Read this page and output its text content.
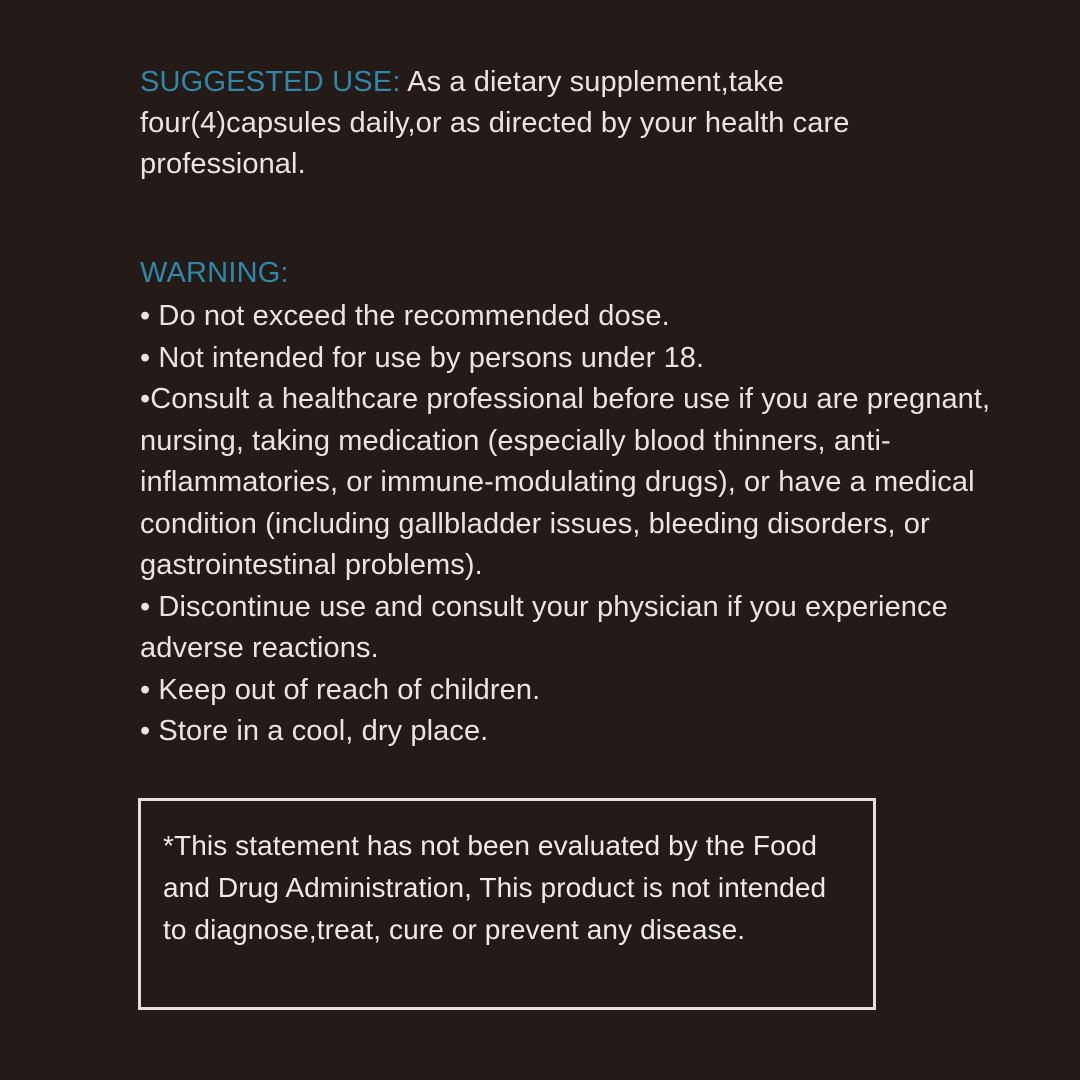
SUGGESTED USE: As a dietary supplement,take four(4)capsules daily,or as directed by your health care professional.

WARNING:

• Do not exceed the recommended dose.
• Not intended for use by persons under 18.
•Consult a healthcare professional before use if you are pregnant, nursing, taking medication (especially blood thinners, anti-inflammatories, or immune-modulating drugs), or have a medical condition (including gallbladder issues, bleeding disorders, or gastrointestinal problems).
• Discontinue use and consult your physician if you experience adverse reactions.
• Keep out of reach of children.
• Store in a cool, dry place.

*This statement has not been evaluated by the Food and Drug Administration, This product is not intended to diagnose,treat, cure or prevent any disease.
